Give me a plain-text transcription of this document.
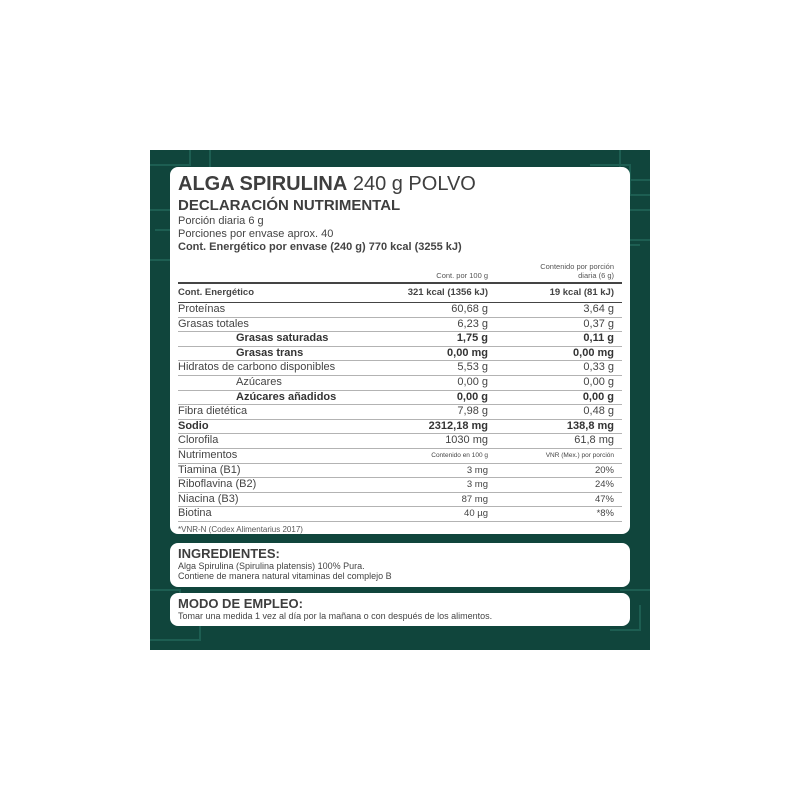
ALGA SPIRULINA 240 g POLVO
DECLARACIÓN NUTRIMENTAL
Porción diaria 6 g
Porciones por envase aprox. 40
Cont. Energético por envase (240 g) 770 kcal (3255 kJ)
Cont. por 100 g
Contenido por porción diaria (6 g)
Cont. Energético	321 kcal (1356 kJ)	19 kcal (81 kJ)
Proteínas	60,68 g	3,64 g
Grasas totales	6,23 g	0,37 g
Grasas saturadas	1,75 g	0,11 g
Grasas trans	0,00 mg	0,00 mg
Hidratos de carbono disponibles	5,53 g	0,33 g
Azúcares	0,00 g	0,00 g
Azúcares añadidos	0,00 g	0,00 g
Fibra dietética	7,98 g	0,48 g
Sodio	2312,18 mg	138,8 mg
Clorofila	1030 mg	61,8 mg
Nutrimentos	Contenido en 100 g	VNR (Mex.) por porción
Tiamina (B1)	3 mg	20%
Riboflavina (B2)	3 mg	24%
Niacina (B3)	87 mg	47%
Biotina	40 µg	*8%
*VNR-N (Codex Alimentarius 2017)
INGREDIENTES:
Alga Spirulina (Spirulina platensis) 100% Pura.
Contiene de manera natural vitaminas del complejo B
MODO DE EMPLEO:
Tomar una medida 1 vez al día por la mañana o con después de los alimentos.
